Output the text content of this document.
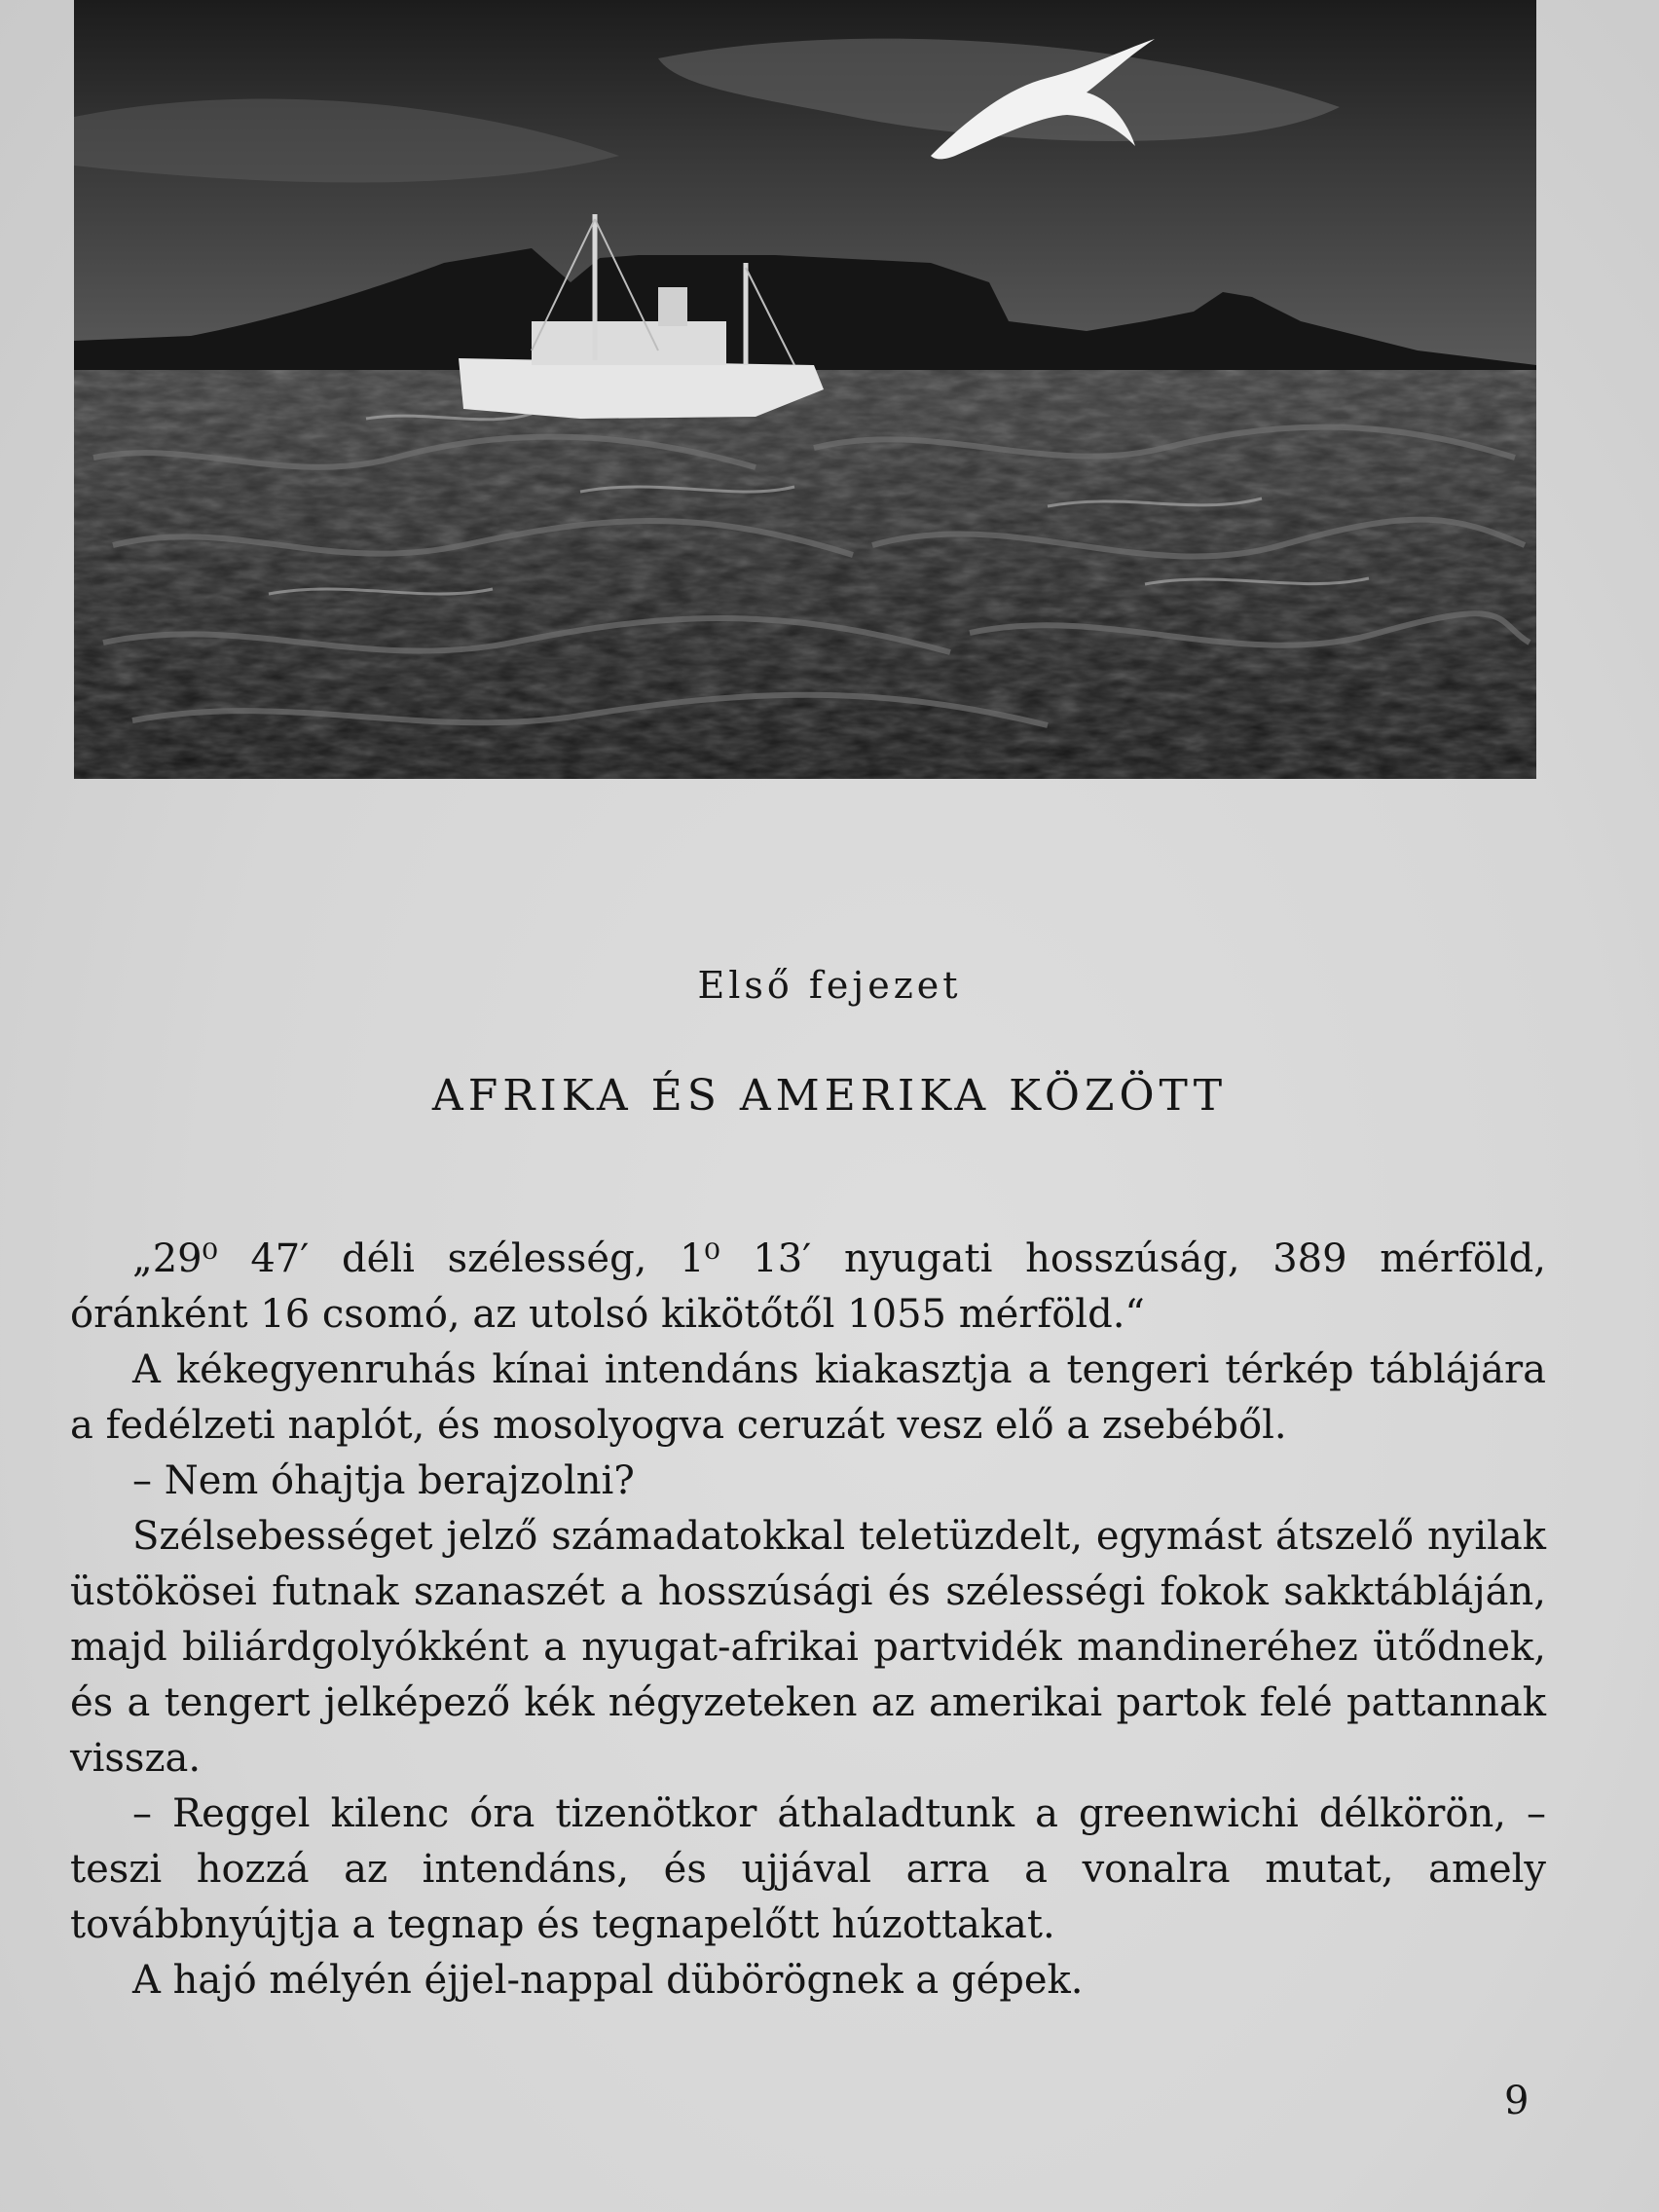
Első fejezet
AFRIKA ÉS AMERIKA KÖZÖTT

„29⁰ 47′ déli szélesség, 1⁰ 13′ nyugati hosszúság, 389 mérföld, óránként 16 csomó, az utolsó kikötőtől 1055 mérföld.“

A kékegyenruhás kínai intendáns kiakasztja a tengeri térkép táblájára a fedélzeti naplót, és mosolyogva ceruzát vesz elő a zsebéből.

– Nem óhajtja berajzolni?

Szélsebességet jelző számadatokkal teletüzdelt, egymást átszelő nyilak üstökösei futnak szanaszét a hosszúsági és szélességi fokok sakktábláján, majd biliárdgolyókként a nyugat-afrikai partvidék mandineréhez ütődnek, és a tengert jelképező kék négyzeteken az amerikai partok felé pattannak vissza.

– Reggel kilenc óra tizenötkor áthaladtunk a greenwichi délkörön, – teszi hozzá az intendáns, és ujjával arra a vonalra mutat, amely továbbnyújtja a tegnap és tegnapelőtt húzottakat.

A hajó mélyén éjjel-nappal dübörögnek a gépek.

9
